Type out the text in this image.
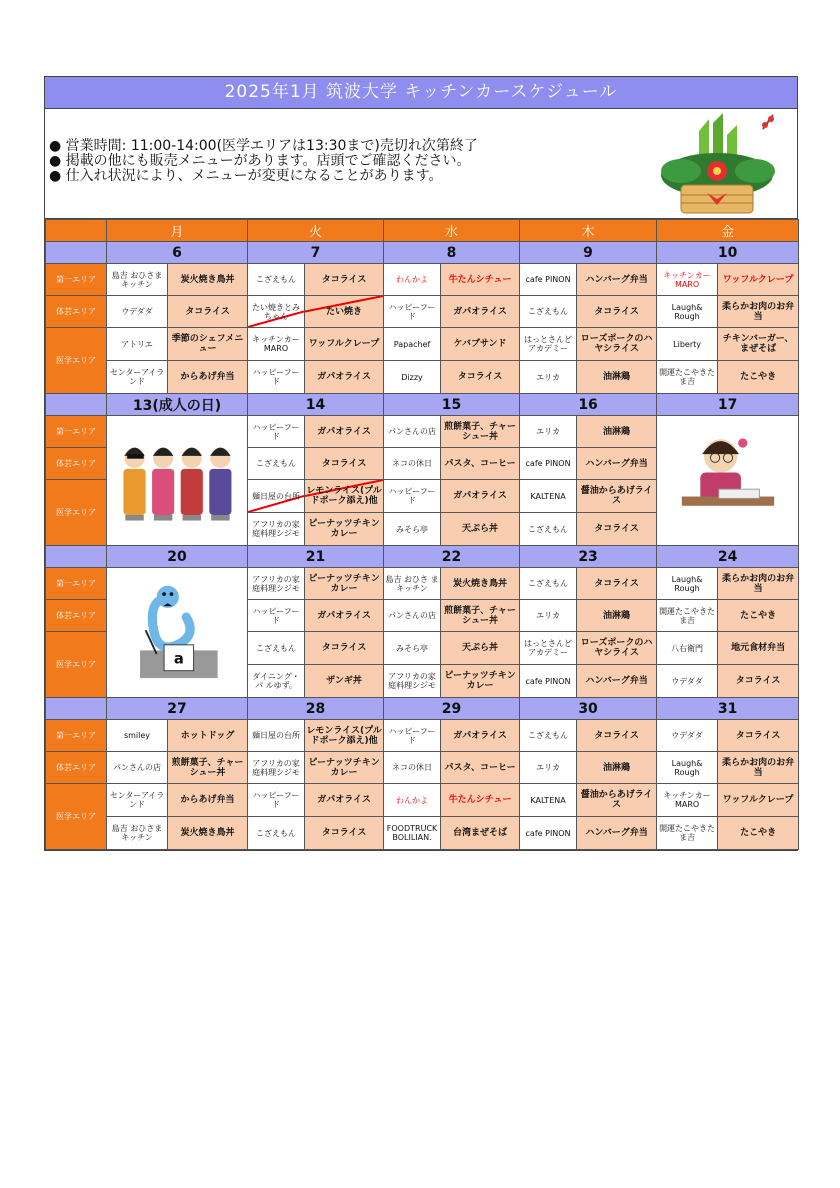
2025年1月 筑波大学 キッチンカースケジュール
● 営業時間: 11:00-14:00(医学エリアは13:30まで)売切れ次第終了
● 掲載の他にも販売メニューがあります。店頭でご確認ください。
● 仕入れ状況により、メニューが変更になることがあります。
	月		火		水		木		金	
	6		7		8		9		10	
第一エリア	島吉 おひさま キッチン	炭火焼き鳥丼	こざえもん	タコライス	わんかよ	牛たんシチュー	cafe PINON	ハンバーグ弁当	キッチンカー MARO	ワッフルクレープ
体芸エリア	ウデダダ	タコライス	たい焼きとみちゃん	たい焼き	ハッピーフード	ガパオライス	こざえもん	タコライス	Laugh& Rough	柔らかお肉のお弁当
医学エリア	アトリエ	季節のシェフメニュー	キッチンカー MARO	ワッフルクレープ	Papachef	ケバブサンド	はっとさんど アカデミー	ローズポークのハヤシライス	Liberty	チキンバーガー、まぜそば
	センターアイランド	からあげ弁当	ハッピーフード	ガパオライス	Dizzy	タコライス	エリカ	油淋鶏	開運たこやきた ま吉	たこやき
	13(成人の日)		14		15		16		17	
第一エリア			ハッピーフード	ガパオライス	パンさんの店	煎餅菓子、チャーシュー丼	エリカ	油淋鶏	
体芸エリア			こざえもん	タコライス	ネコの休日	パスタ、コーヒー	cafe PINON	ハンバーグ弁当		
医学エリア			麺日屋の台所	レモンライス(プルドポーク添え)他	ハッピーフード	ガパオライス	KALTENA	醤油からあげライス		
			アフリカの家庭料理シジモ	ピーナッツチキンカレー	みそら亭	天ぷら丼	こざえもん	タコライス		
	20		21		22		23		24	
第一エリア	a		アフリカの家 庭料理シジモ	ピーナッツチキンカレー	島吉 おひさ まキッチン	炭火焼き鳥丼	こざえもん	タコライス	Laugh& Rough	柔らかお肉のお弁当
体芸エリア			ハッピーフード	ガパオライス	パンさんの店	煎餅菓子、チャーシュー丼	エリカ	油淋鶏	開運たこやきた ま吉	たこやき
医学エリア			こざえもん	タコライス	みそら亭	天ぷら丼	はっとさんど アカデミー	ローズポークのハヤシライス	八右衛門	地元食材弁当
			ダイニング・パ ルゆず。	ザンギ丼	アフリカの家 庭料理シジモ	ピーナッツチキンカレー	cafe PINON	ハンバーグ弁当	ウデダダ	タコライス
	27		28		29		30		31	
第一エリア	smiley	ホットドッグ	麺日屋の台所	レモンライス(プルドポーク添え)他	ハッピーフード	ガパオライス	こざえもん	タコライス	ウデダダ	タコライス
体芸エリア	パンさんの店	煎餅菓子、チャーシュー丼	アフリカの家 庭料理シジモ	ピーナッツチキンカレー	ネコの休日	パスタ、コーヒー	エリカ	油淋鶏	Laugh& Rough	柔らかお肉のお弁当
医学エリア	センターアイランド	からあげ弁当	ハッピーフード	ガパオライス	わんかよ	牛たんシチュー	KALTENA	醤油からあげライス	キッチンカー MARO	ワッフルクレープ
	島吉 おひさま キッチン	炭火焼き鳥丼	こざえもん	タコライス	FOODTRUCK BOLILIAN.	台湾まぜそば	cafe PINON	ハンバーグ弁当	開運たこやきた ま吉	たこやき
